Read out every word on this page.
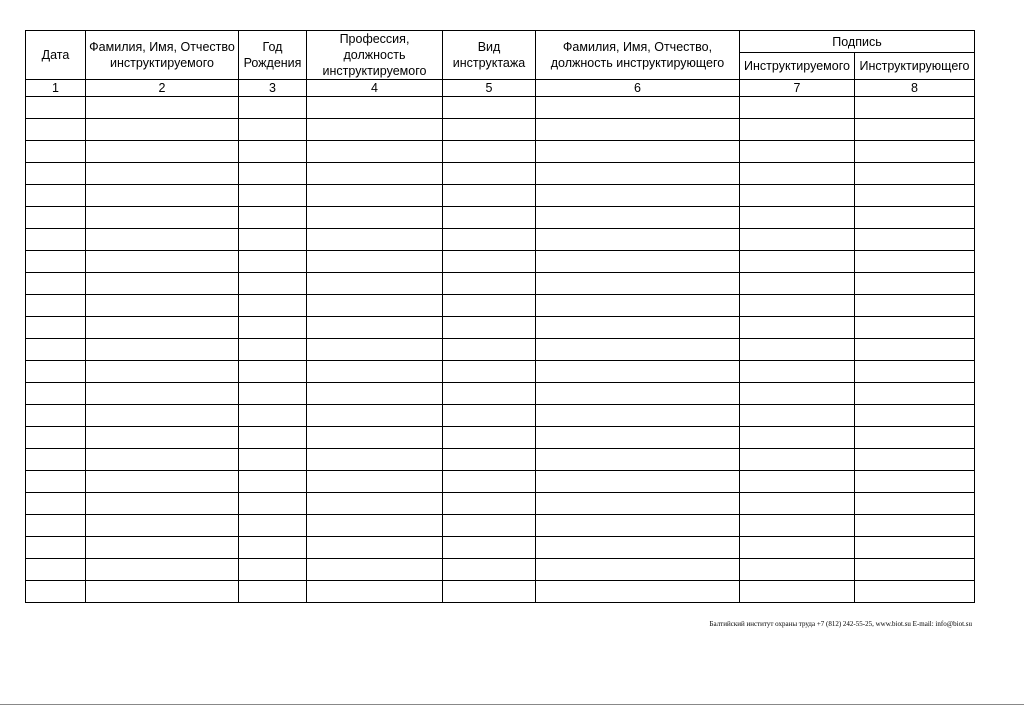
Дата	Фамилия, Имя, Отчество инструктируемого	Год Рождения	Профессия, должность инструктируемого	Вид инструктажа	Фамилия, Имя, Отчество, должность инструктирующего	Подпись	
						Инструктируемого	Инструктирующего
1	2	3	4	5	6	7	8

Балтийский институт охраны труда +7 (812) 242-55-25, www.biot.su E-mail: info@biot.su
